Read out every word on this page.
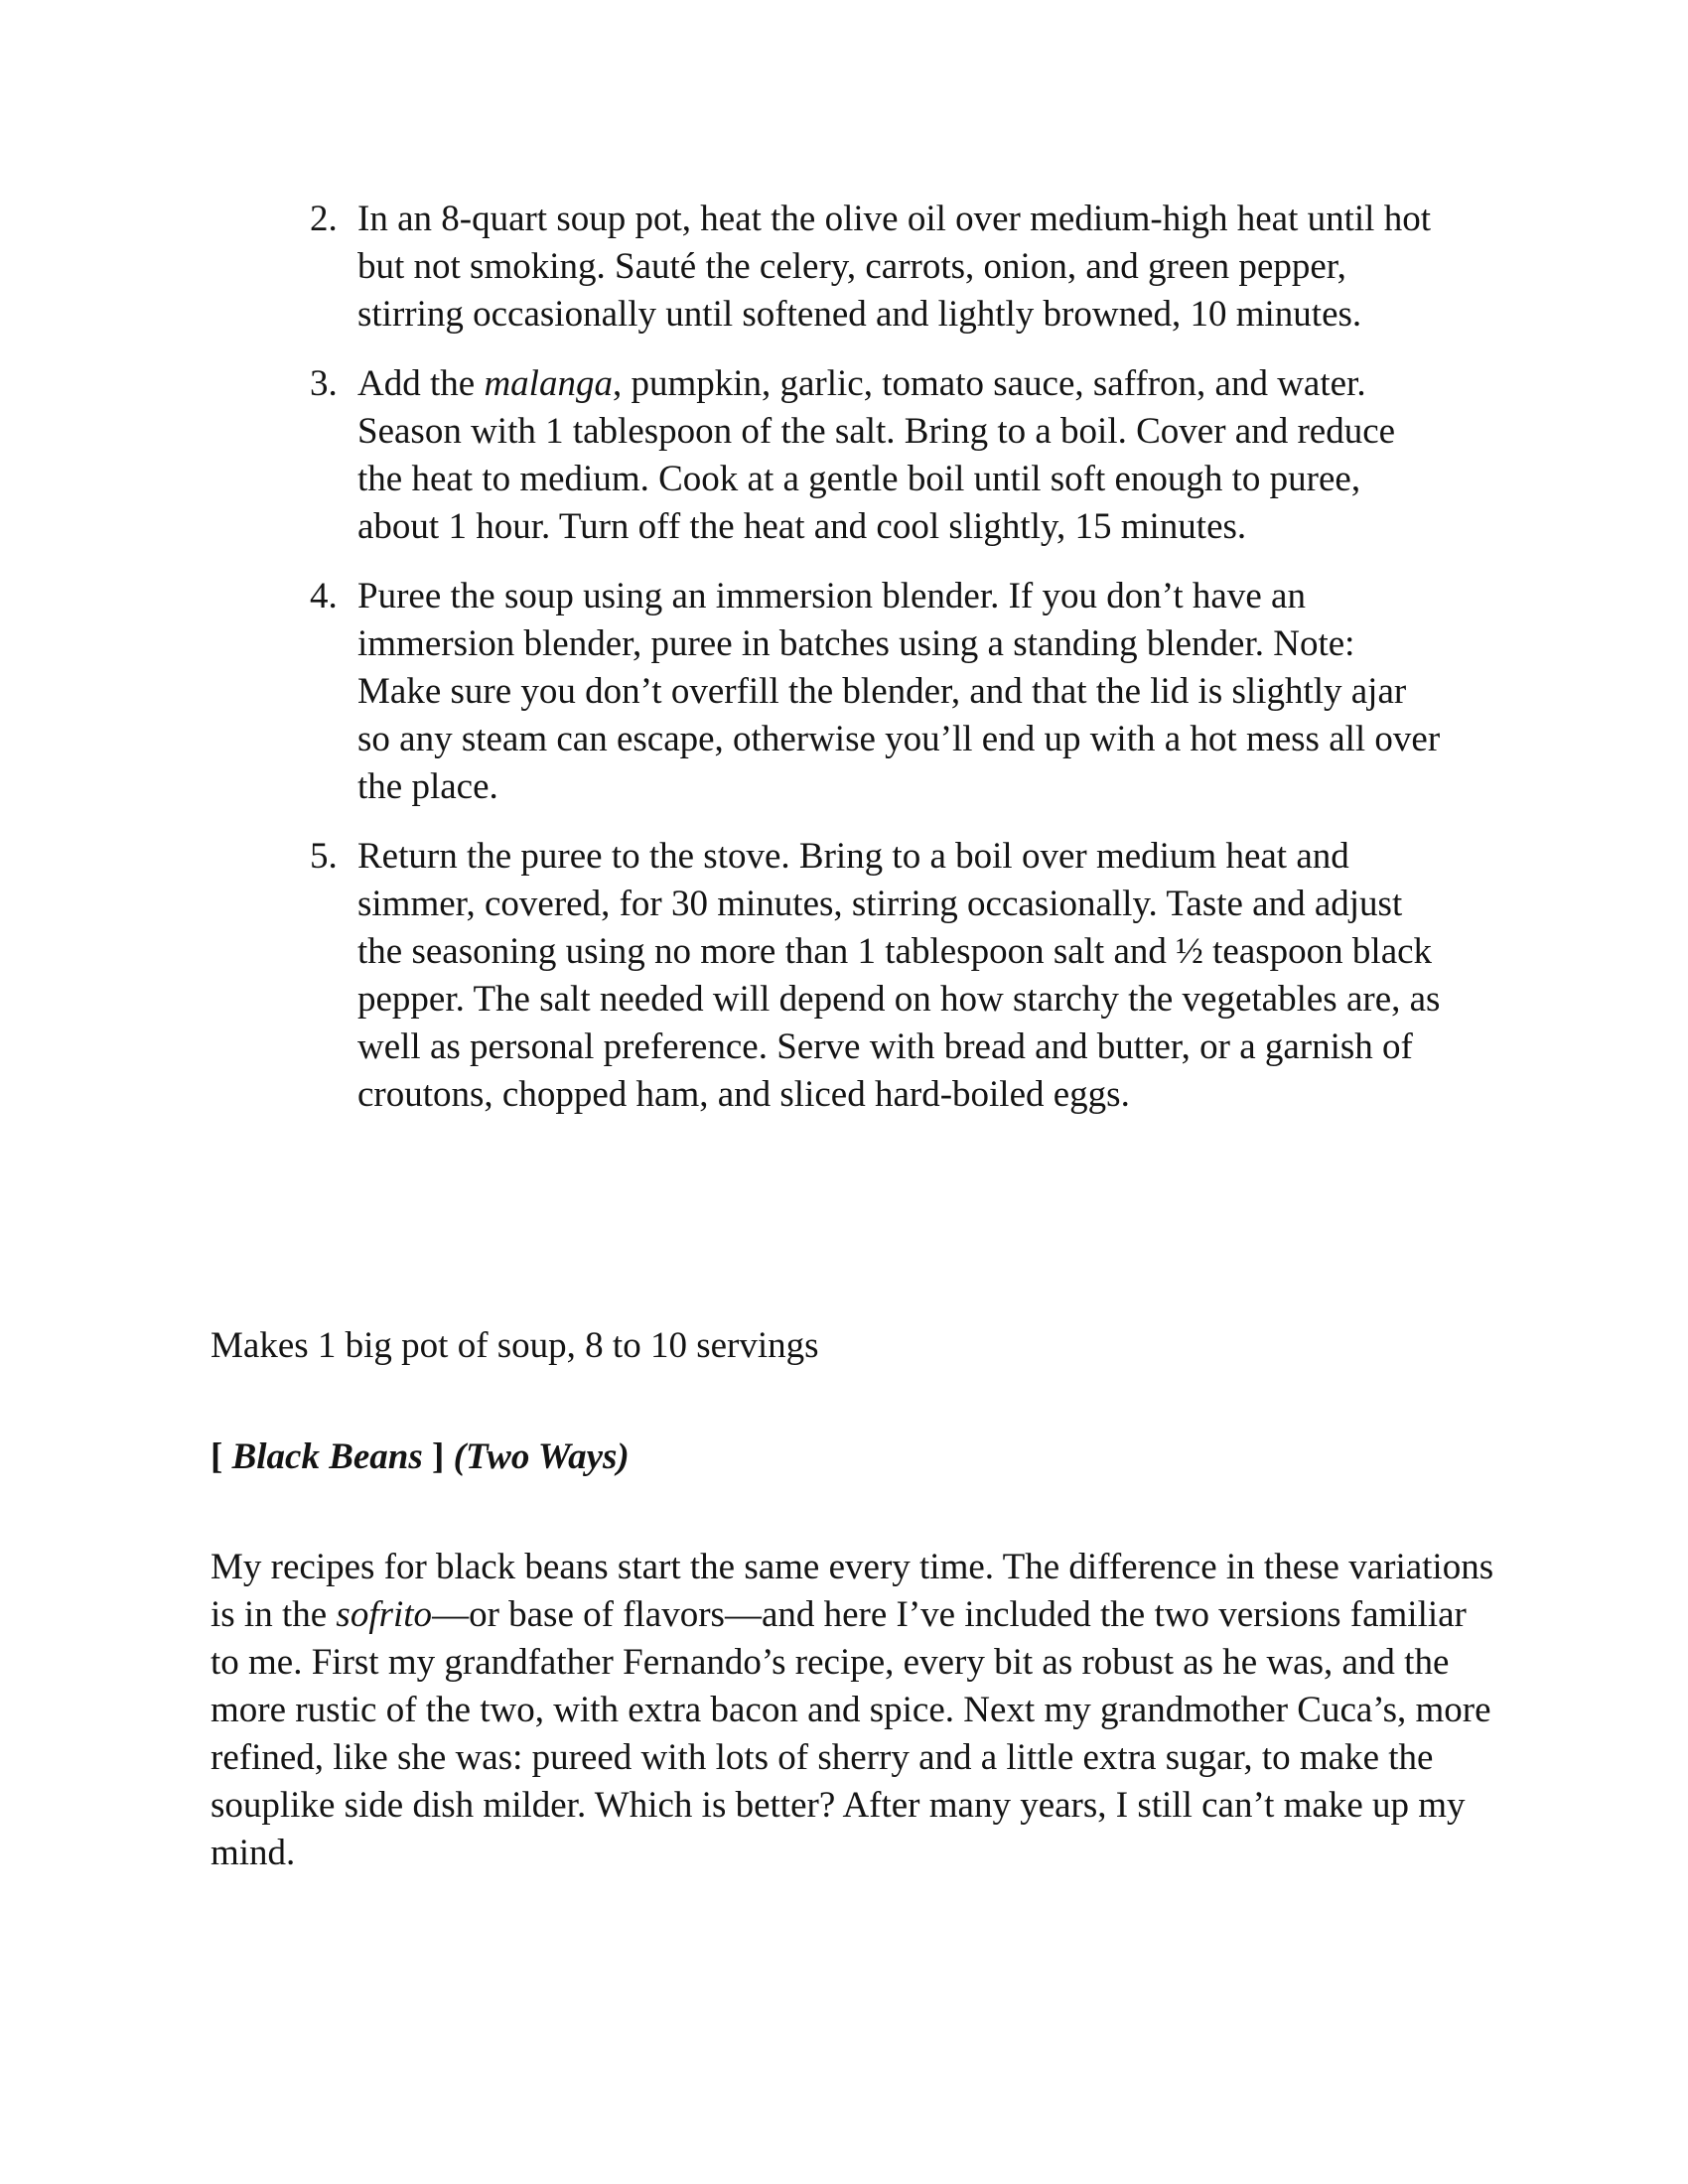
2. In an 8-quart soup pot, heat the olive oil over medium-high heat until hot but not smoking. Sauté the celery, carrots, onion, and green pepper, stirring occasionally until softened and lightly browned, 10 minutes.
3. Add the malanga, pumpkin, garlic, tomato sauce, saffron, and water. Season with 1 tablespoon of the salt. Bring to a boil. Cover and reduce the heat to medium. Cook at a gentle boil until soft enough to puree, about 1 hour. Turn off the heat and cool slightly, 15 minutes.
4. Puree the soup using an immersion blender. If you don’t have an immersion blender, puree in batches using a standing blender. Note: Make sure you don’t overfill the blender, and that the lid is slightly ajar so any steam can escape, otherwise you’ll end up with a hot mess all over the place.
5. Return the puree to the stove. Bring to a boil over medium heat and simmer, covered, for 30 minutes, stirring occasionally. Taste and adjust the seasoning using no more than 1 tablespoon salt and ½ teaspoon black pepper. The salt needed will depend on how starchy the vegetables are, as well as personal preference. Serve with bread and butter, or a garnish of croutons, chopped ham, and sliced hard-boiled eggs.

Makes 1 big pot of soup, 8 to 10 servings

[ Black Beans ] (Two Ways)

My recipes for black beans start the same every time. The difference in these variations is in the sofrito—or base of flavors—and here I’ve included the two versions familiar to me. First my grandfather Fernando’s recipe, every bit as robust as he was, and the more rustic of the two, with extra bacon and spice. Next my grandmother Cuca’s, more refined, like she was: pureed with lots of sherry and a little extra sugar, to make the souplike side dish milder. Which is better? After many years, I still can’t make up my mind.
